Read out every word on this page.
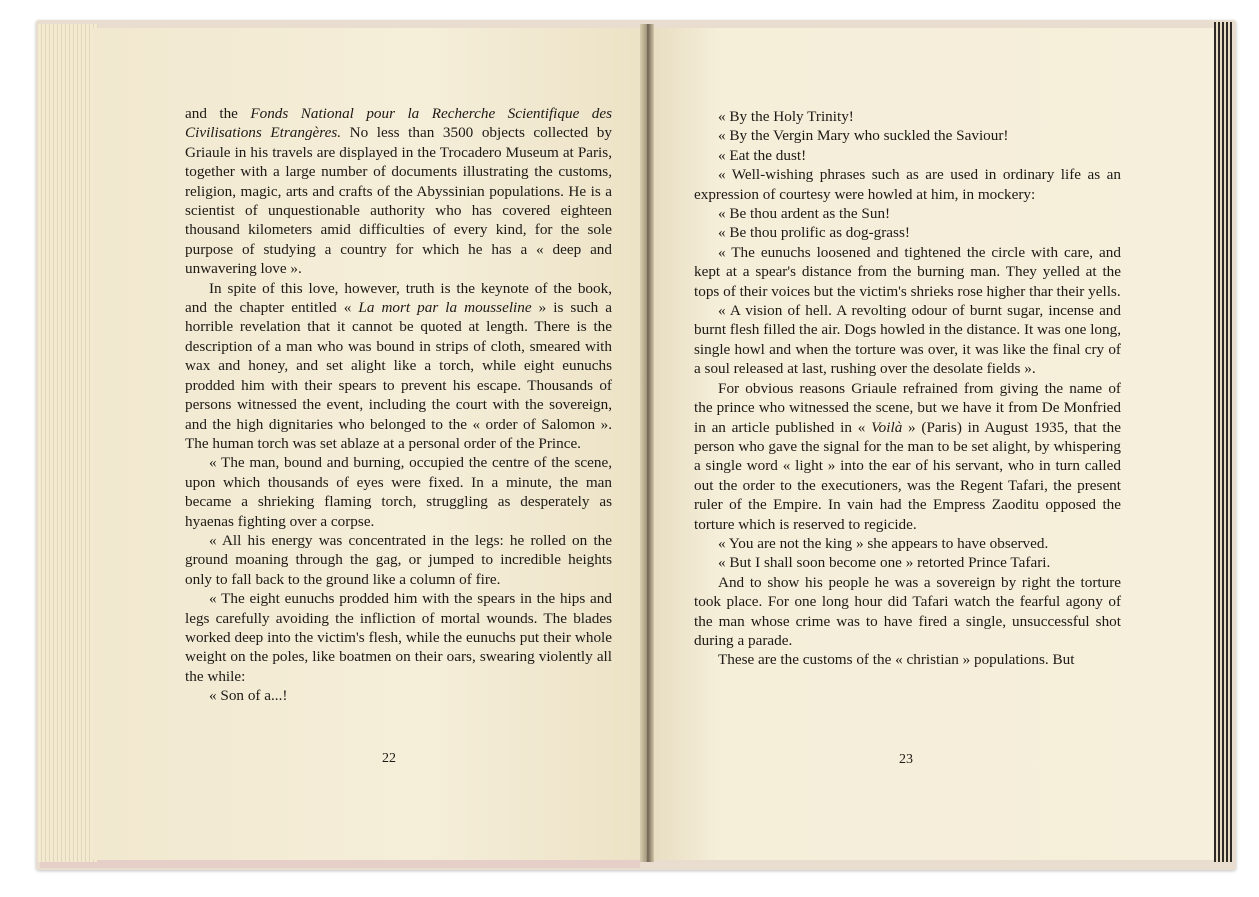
and the Fonds National pour la Recherche Scientifique des Civilisations Etrangères. No less than 3500 objects collected by Griaule in his travels are displayed in the Trocadero Museum at Paris, together with a large number of documents illustrating the customs, religion, magic, arts and crafts of the Abyssinian populations. He is a scientist of unquestionable authority who has covered eighteen thousand kilometers amid difficulties of every kind, for the sole purpose of studying a country for which he has a « deep and unwavering love ».

In spite of this love, however, truth is the keynote of the book, and the chapter entitled « La mort par la mousseline » is such a horrible revelation that it cannot be quoted at length. There is the description of a man who was bound in strips of cloth, smeared with wax and honey, and set alight like a torch, while eight eunuchs prodded him with their spears to prevent his escape. Thousands of persons witnessed the event, including the court with the sovereign, and the high dignitaries who belonged to the « order of Salomon ». The human torch was set ablaze at a personal order of the Prince.

« The man, bound and burning, occupied the centre of the scene, upon which thousands of eyes were fixed. In a minute, the man became a shrieking flaming torch, struggling as desperately as hyaenas fighting over a corpse.

« All his energy was concentrated in the legs: he rolled on the ground moaning through the gag, or jumped to incredible heights only to fall back to the ground like a column of fire.

« The eight eunuchs prodded him with the spears in the hips and legs carefully avoiding the infliction of mortal wounds. The blades worked deep into the victim's flesh, while the eunuchs put their whole weight on the poles, like boatmen on their oars, swearing violently all the while:

« Son of a...!

22

« By the Holy Trinity!

« By the Vergin Mary who suckled the Saviour!

« Eat the dust!

« Well-wishing phrases such as are used in ordinary life as an expression of courtesy were howled at him, in mockery:

« Be thou ardent as the Sun!

« Be thou prolific as dog-grass!

« The eunuchs loosened and tightened the circle with care, and kept at a spear's distance from the burning man. They yelled at the tops of their voices but the victim's shrieks rose higher thar their yells.

« A vision of hell. A revolting odour of burnt sugar, incense and burnt flesh filled the air. Dogs howled in the distance. It was one long, single howl and when the torture was over, it was like the final cry of a soul released at last, rushing over the desolate fields ».

For obvious reasons Griaule refrained from giving the name of the prince who witnessed the scene, but we have it from De Monfried in an article published in « Voilà » (Paris) in August 1935, that the person who gave the signal for the man to be set alight, by whispering a single word « light » into the ear of his servant, who in turn called out the order to the executioners, was the Regent Tafari, the present ruler of the Empire. In vain had the Empress Zaoditu opposed the torture which is reserved to regicide.

« You are not the king » she appears to have observed.

« But I shall soon become one » retorted Prince Tafari.

And to show his people he was a sovereign by right the torture took place. For one long hour did Tafari watch the fearful agony of the man whose crime was to have fired a single, unsuccessful shot during a parade.

These are the customs of the « christian » populations. But

23
